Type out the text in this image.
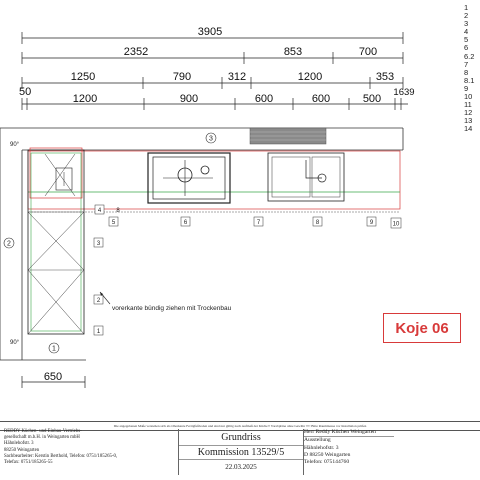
3905
2352	853	700
1250	790	312	1200	353
50
1200	900	600	600	500
1639
650
90°
90°
3
2
1
5	6	7	8	9	10
4	8
3
2
1
1
2
3
4
5
6
6.2
7
8
8.1
9
10
11
12
13
14
vorerkante bündig ziehen mit Trockenbau
Koje 06
Die angegebenen Maße verstehen sich als Oberkante Fertigfußboden und sind nur gültig nach Aufmaß der Küche!! Vorabpläne ohne Gewähr !!!! Bitte Rauminasse vor Installation prüfen
REDDY Küchen- und Einbau-Vertriebs-
gesellschaft m.b.H. in Weingarten mbH
Hähnlehofstr. 3
88250 Weingarten
Sachbearbeiter: Kerstin Berthold, Telefon: 0751/185265-0,
Telefax: 0751/185265-55
Grundriss
Kommission 13529/5
22.03.2025
Herr Reddy Küchen Weingarten
Ausstellung
Hähnlehofstr. 3
D 88250 Weingarten
Telefon: 075144760
